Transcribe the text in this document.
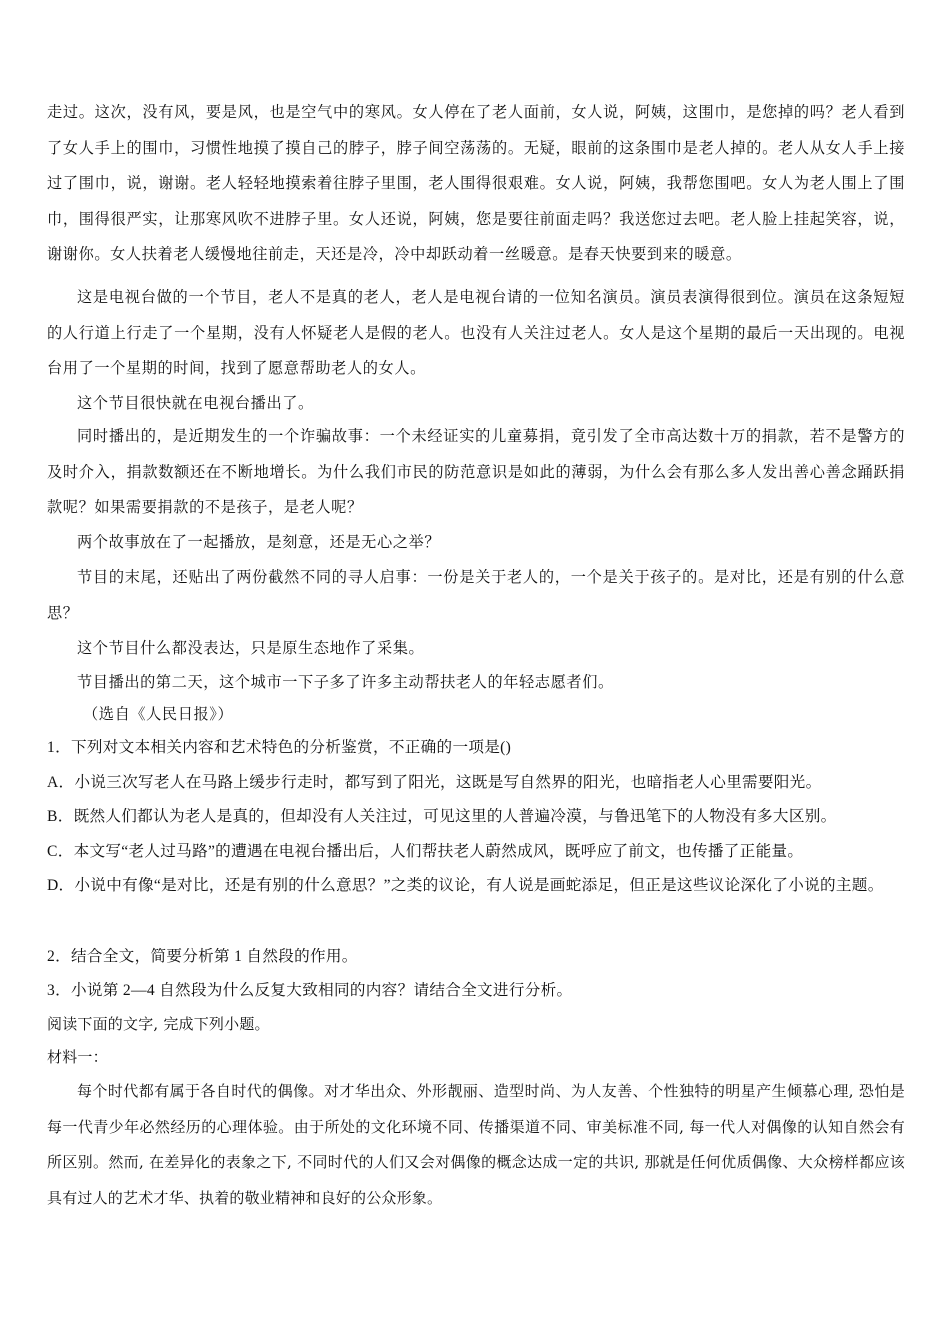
走过。这次，没有风，要是风，也是空气中的寒风。女人停在了老人面前，女人说，阿姨，这围巾，是您掉的吗？老人看到了女人手上的围巾，习惯性地摸了摸自己的脖子，脖子间空荡荡的。无疑，眼前的这条围巾是老人掉的。老人从女人手上接过了围巾，说，谢谢。老人轻轻地摸索着往脖子里围，老人围得很艰难。女人说，阿姨，我帮您围吧。女人为老人围上了围巾，围得很严实，让那寒风吹不进脖子里。女人还说，阿姨，您是要往前面走吗？我送您过去吧。老人脸上挂起笑容，说，谢谢你。女人扶着老人缓慢地往前走，天还是冷，冷中却跃动着一丝暖意。是春天快要到来的暖意。

这是电视台做的一个节目，老人不是真的老人，老人是电视台请的一位知名演员。演员表演得很到位。演员在这条短短的人行道上行走了一个星期，没有人怀疑老人是假的老人。也没有人关注过老人。女人是这个星期的最后一天出现的。电视台用了一个星期的时间，找到了愿意帮助老人的女人。

这个节目很快就在电视台播出了。

同时播出的，是近期发生的一个诈骗故事：一个未经证实的儿童募捐，竟引发了全市高达数十万的捐款，若不是警方的及时介入，捐款数额还在不断地增长。为什么我们市民的防范意识是如此的薄弱，为什么会有那么多人发出善心善念踊跃捐款呢？如果需要捐款的不是孩子，是老人呢？

两个故事放在了一起播放，是刻意，还是无心之举？

节目的末尾，还贴出了两份截然不同的寻人启事：一份是关于老人的，一个是关于孩子的。是对比，还是有别的什么意思？

这个节目什么都没表达，只是原生态地作了采集。

节目播出的第二天，这个城市一下子多了许多主动帮扶老人的年轻志愿者们。

（选自《人民日报》）

1．下列对文本相关内容和艺术特色的分析鉴赏，不正确的一项是()

A．小说三次写老人在马路上缓步行走时，都写到了阳光，这既是写自然界的阳光，也暗指老人心里需要阳光。

B．既然人们都认为老人是真的，但却没有人关注过，可见这里的人普遍冷漠，与鲁迅笔下的人物没有多大区别。

C．本文写“老人过马路”的遭遇在电视台播出后，人们帮扶老人蔚然成风，既呼应了前文，也传播了正能量。

D．小说中有像“是对比，还是有别的什么意思？”之类的议论，有人说是画蛇添足，但正是这些议论深化了小说的主题。

2．结合全文，简要分析第 1 自然段的作用。

3．小说第 2—4 自然段为什么反复大致相同的内容？请结合全文进行分析。

阅读下面的文字, 完成下列小题。

材料一：

每个时代都有属于各自时代的偶像。对才华出众、外形靓丽、造型时尚、为人友善、个性独特的明星产生倾慕心理, 恐怕是每一代青少年必然经历的心理体验。由于所处的文化环境不同、传播渠道不同、审美标准不同, 每一代人对偶像的认知自然会有所区别。然而, 在差异化的表象之下, 不同时代的人们又会对偶像的概念达成一定的共识, 那就是任何优质偶像、大众榜样都应该具有过人的艺术才华、执着的敬业精神和良好的公众形象。
